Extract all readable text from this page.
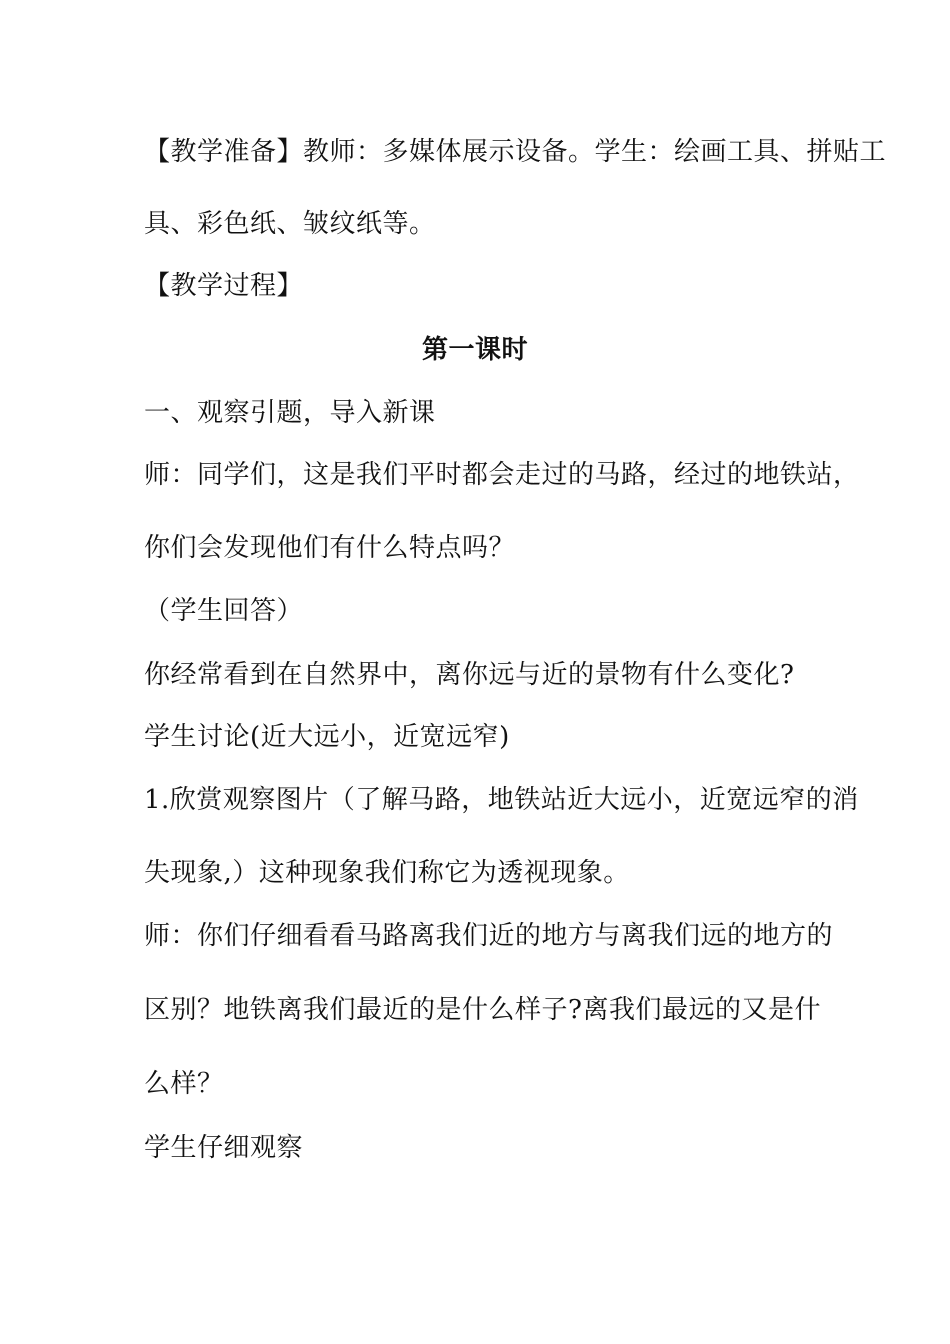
【教学准备】教师：多媒体展示设备。学生：绘画工具、拼贴工
具、彩色纸、皱纹纸等。
【教学过程】
第一课时
一、观察引题，导入新课
师：同学们，这是我们平时都会走过的马路，经过的地铁站，
你们会发现他们有什么特点吗？
（学生回答）
你经常看到在自然界中，离你远与近的景物有什么变化?
学生讨论(近大远小，近宽远窄)
1.欣赏观察图片（了解马路，地铁站近大远小，近宽远窄的消
失现象,）这种现象我们称它为透视现象。
师：你们仔细看看马路离我们近的地方与离我们远的地方的
区别？地铁离我们最近的是什么样子?离我们最远的又是什
么样？
学生仔细观察
